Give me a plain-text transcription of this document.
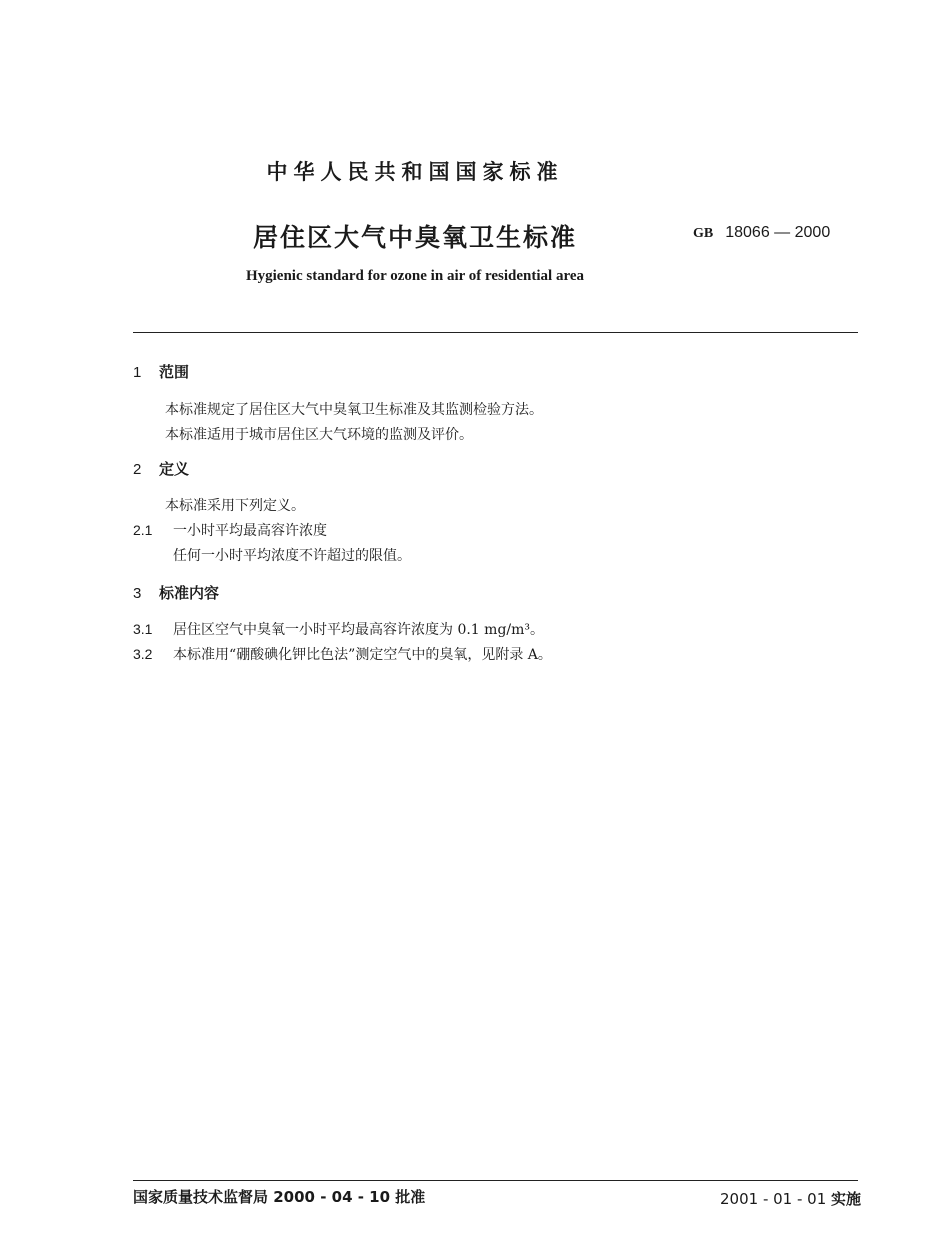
中华人民共和国国家标准
居住区大气中臭氧卫生标准	GB 18066 — 2000
Hygienic standard for ozone in air of residential area
1 范围
本标准规定了居住区大气中臭氧卫生标准及其监测检验方法。
本标准适用于城市居住区大气环境的监测及评价。
2 定义
本标准采用下列定义。
2.1 一小时平均最高容许浓度
任何一小时平均浓度不许超过的限值。
3 标准内容
3.1 居住区空气中臭氧一小时平均最高容许浓度为 0.1 mg/m³。
3.2 本标准用“硼酸碘化钾比色法”测定空气中的臭氧，见附录 A。
国家质量技术监督局 2000 - 04 - 10 批准	2001 - 01 - 01 实施
